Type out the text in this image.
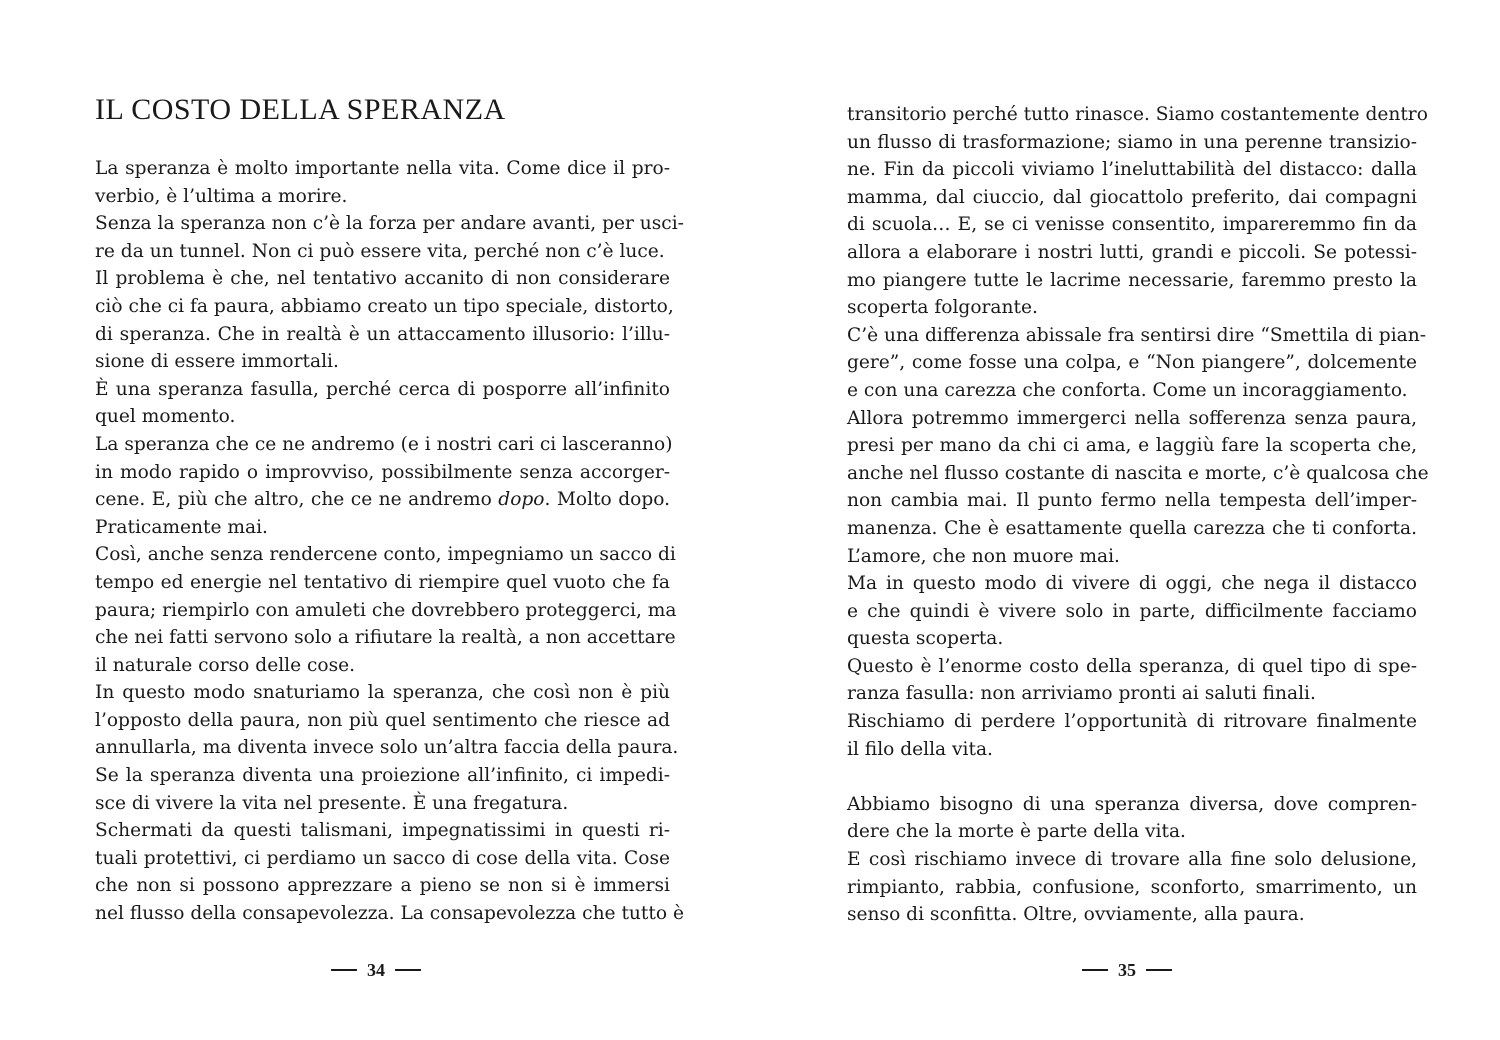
IL COSTO DELLA SPERANZA
La speranza è molto importante nella vita. Come dice il pro-
verbio, è l’ultima a morire.
Senza la speranza non c’è la forza per andare avanti, per usci-
re da un tunnel. Non ci può essere vita, perché non c’è luce.
Il problema è che, nel tentativo accanito di non considerare
ciò che ci fa paura, abbiamo creato un tipo speciale, distorto,
di speranza. Che in realtà è un attaccamento illusorio: l’illu-
sione di essere immortali.
È una speranza fasulla, perché cerca di posporre all’infinito
quel momento.
La speranza che ce ne andremo (e i nostri cari ci lasceranno)
in modo rapido o improvviso, possibilmente senza accorger-
cene. E, più che altro, che ce ne andremo dopo. Molto dopo.
Praticamente mai.
Così, anche senza rendercene conto, impegniamo un sacco di
tempo ed energie nel tentativo di riempire quel vuoto che fa
paura; riempirlo con amuleti che dovrebbero proteggerci, ma
che nei fatti servono solo a rifiutare la realtà, a non accettare
il naturale corso delle cose.
In questo modo snaturiamo la speranza, che così non è più
l’opposto della paura, non più quel sentimento che riesce ad
annullarla, ma diventa invece solo un’altra faccia della paura.
Se la speranza diventa una proiezione all’infinito, ci impedi-
sce di vivere la vita nel presente. È una fregatura.
Schermati da questi talismani, impegnatissimi in questi ri-
tuali protettivi, ci perdiamo un sacco di cose della vita. Cose
che non si possono apprezzare a pieno se non si è immersi
nel flusso della consapevolezza. La consapevolezza che tutto è
34
transitorio perché tutto rinasce. Siamo costantemente dentro
un flusso di trasformazione; siamo in una perenne transizio-
ne. Fin da piccoli viviamo l’ineluttabilità del distacco: dalla
mamma, dal ciuccio, dal giocattolo preferito, dai compagni
di scuola… E, se ci venisse consentito, impareremmo fin da
allora a elaborare i nostri lutti, grandi e piccoli. Se potessi-
mo piangere tutte le lacrime necessarie, faremmo presto la
scoperta folgorante.
C’è una differenza abissale fra sentirsi dire “Smettila di pian-
gere”, come fosse una colpa, e “Non piangere”, dolcemente
e con una carezza che conforta. Come un incoraggiamento.
Allora potremmo immergerci nella sofferenza senza paura,
presi per mano da chi ci ama, e laggiù fare la scoperta che,
anche nel flusso costante di nascita e morte, c’è qualcosa che
non cambia mai. Il punto fermo nella tempesta dell’imper-
manenza. Che è esattamente quella carezza che ti conforta.
L’amore, che non muore mai.
Ma in questo modo di vivere di oggi, che nega il distacco
e che quindi è vivere solo in parte, difficilmente facciamo
questa scoperta.
Questo è l’enorme costo della speranza, di quel tipo di spe-
ranza fasulla: non arriviamo pronti ai saluti finali.
Rischiamo di perdere l’opportunità di ritrovare finalmente
il filo della vita.
Abbiamo bisogno di una speranza diversa, dove compren-
dere che la morte è parte della vita.
E così rischiamo invece di trovare alla fine solo delusione,
rimpianto, rabbia, confusione, sconforto, smarrimento, un
senso di sconfitta. Oltre, ovviamente, alla paura.
35
